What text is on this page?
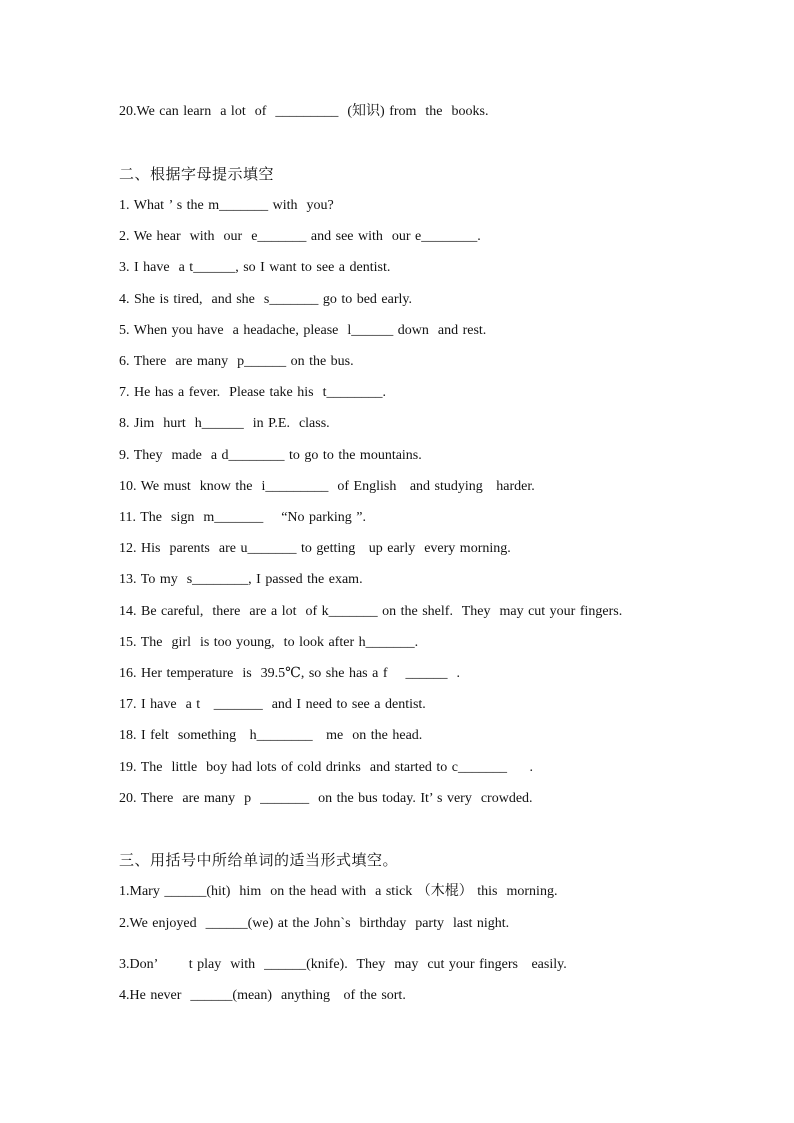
20.We can learn  a lot  of  _________  (知识) from  the  books.
二、根据字母提示填空
1. What ’ s the m_______ with  you?
2. We hear  with  our  e_______ and see with  our e________.
3. I have  a t______, so I want to see a dentist.
4. She is tired,  and she  s_______ go to bed early.
5. When you have  a headache, please  l______ down  and rest.
6. There  are many  p______ on the bus.
7. He has a fever.  Please take his  t________.
8. Jim  hurt  h______  in P.E.  class.
9. They  made  a d________ to go to the mountains.
10. We must  know the  i_________  of English   and studying   harder.
11. The  sign  m_______    “No parking ”.
12. His  parents  are u_______ to getting   up early  every morning.
13. To my  s________, I passed the exam.
14. Be careful,  there  are a lot  of k_______ on the shelf.  They  may cut your fingers.
15. The  girl  is too young,  to look after h_______.
16. Her temperature  is  39.5℃, so she has a f    ______  .
17. I have  a t   _______  and I need to see a dentist.
18. I felt  something   h________   me  on the head.
19. The  little  boy had lots of cold drinks  and started to c_______     .
20. There  are many  p  _______  on the bus today. It’ s very  crowded.
三、用括号中所给单词的适当形式填空。
1.Mary ______(hit)  him  on the head with  a stick （木棍） this  morning.
2.We enjoyed  ______(we) at the John`s  birthday  party  last night.
3.Don’       t play  with  ______(knife).  They  may  cut your fingers   easily.
4.He never  ______(mean)  anything   of the sort.
